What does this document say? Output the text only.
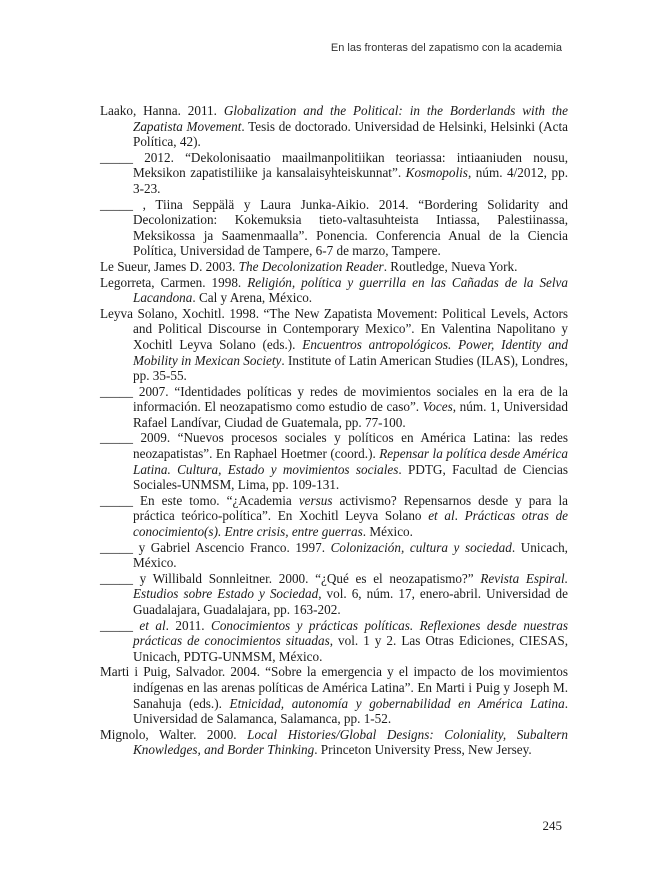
En las fronteras del zapatismo con la academia

Laako, Hanna. 2011. Globalization and the Political: in the Borderlands with the Zapatista Movement. Tesis de doctorado. Universidad de Helsinki, Helsinki (Acta Política, 42).

_____ 2012. “Dekolonisaatio maailmanpolitiikan teoriassa: intiaaniuden nousu, Meksikon zapatistiliike ja kansalaisyhteiskunnat”. Kosmopolis, núm. 4/2012, pp. 3-23.

_____ , Tiina Seppälä y Laura Junka-Aikio. 2014. “Bordering Solidarity and Decolonization: Kokemuksia tieto-valtasuhteista Intiassa, Palestiinassa, Meksikossa ja Saamenmaalla”. Ponencia. Conferencia Anual de la Ciencia Política, Universidad de Tampere, 6-7 de marzo, Tampere.

Le Sueur, James D. 2003. The Decolonization Reader. Routledge, Nueva York.

Legorreta, Carmen. 1998. Religión, política y guerrilla en las Cañadas de la Selva Lacandona. Cal y Arena, México.

Leyva Solano, Xochitl. 1998. “The New Zapatista Movement: Political Levels, Actors and Political Discourse in Contemporary Mexico”. En Valentina Napolitano y Xochitl Leyva Solano (eds.). Encuentros antropológicos. Power, Identity and Mobility in Mexican Society. Institute of Latin American Studies (ILAS), Londres, pp. 35-55.

_____ 2007. “Identidades políticas y redes de movimientos sociales en la era de la información. El neozapatismo como estudio de caso”. Voces, núm. 1, Universidad Rafael Landívar, Ciudad de Guatemala, pp. 77-100.

_____ 2009. “Nuevos procesos sociales y políticos en América Latina: las redes neozapatistas”. En Raphael Hoetmer (coord.). Repensar la política desde América Latina. Cultura, Estado y movimientos sociales. PDTG, Facultad de Ciencias Sociales-UNMSM, Lima, pp. 109-131.

_____ En este tomo. “¿Academia versus activismo? Repensarnos desde y para la práctica teórico-política”. En Xochitl Leyva Solano et al. Prácticas otras de conocimiento(s). Entre crisis, entre guerras. México.

_____ y Gabriel Ascencio Franco. 1997. Colonización, cultura y sociedad. Unicach, México.

_____ y Willibald Sonnleitner. 2000. “¿Qué es el neozapatismo?” Revista Espiral. Estudios sobre Estado y Sociedad, vol. 6, núm. 17, enero-abril. Universidad de Guadalajara, Guadalajara, pp. 163-202.

_____ et al. 2011. Conocimientos y prácticas políticas. Reflexiones desde nuestras prácticas de conocimientos situadas, vol. 1 y 2. Las Otras Ediciones, CIESAS, Unicach, PDTG-UNMSM, México.

Marti i Puig, Salvador. 2004. “Sobre la emergencia y el impacto de los movimientos indígenas en las arenas políticas de América Latina”. En Marti i Puig y Joseph M. Sanahuja (eds.). Etnicidad, autonomía y gobernabilidad en América Latina. Universidad de Salamanca, Salamanca, pp. 1-52.

Mignolo, Walter. 2000. Local Histories/Global Designs: Coloniality, Subaltern Knowledges, and Border Thinking. Princeton University Press, New Jersey.

245
